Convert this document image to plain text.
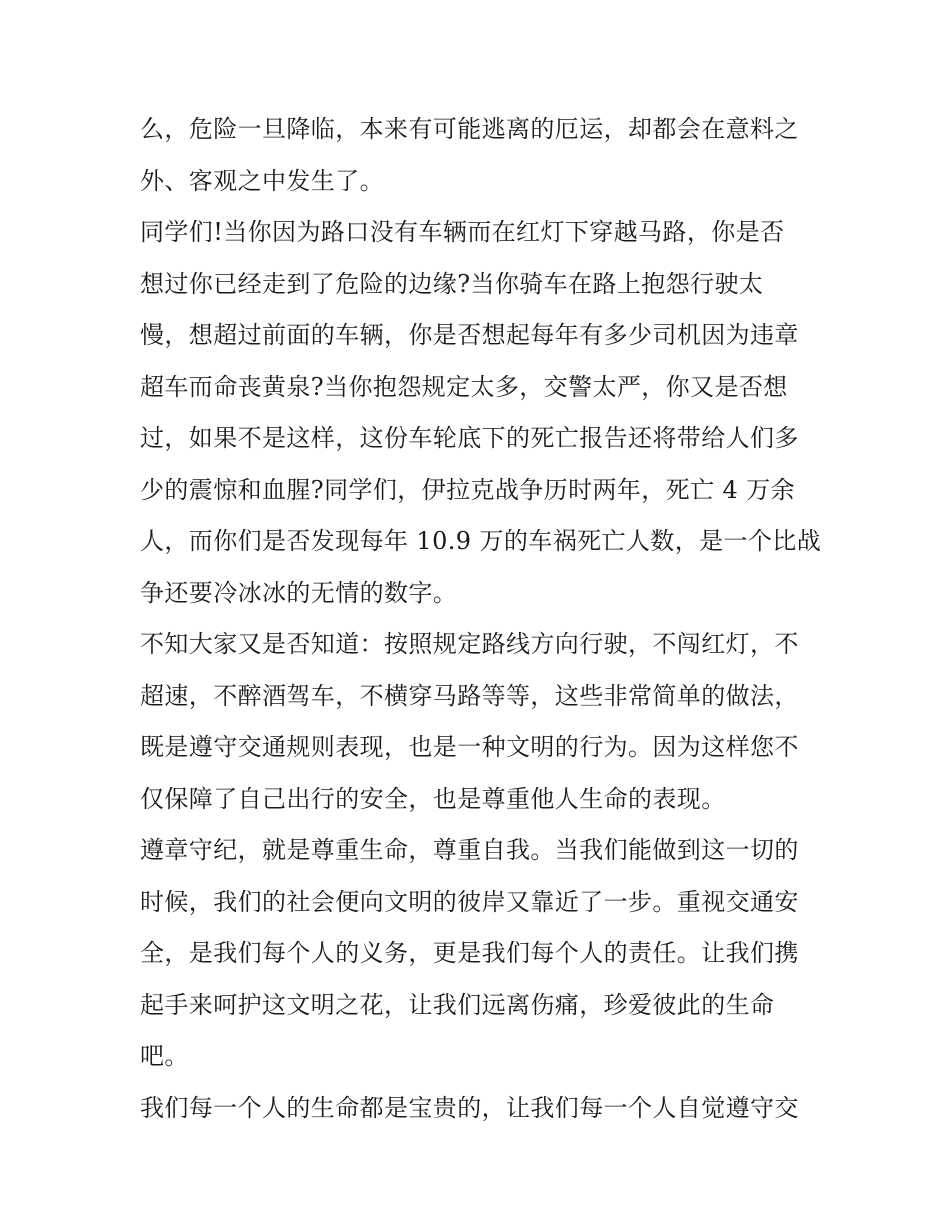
么，危险一旦降临，本来有可能逃离的厄运，却都会在意料之
外、客观之中发生了。

同学们!当你因为路口没有车辆而在红灯下穿越马路，你是否
想过你已经走到了危险的边缘?当你骑车在路上抱怨行驶太
慢，想超过前面的车辆，你是否想起每年有多少司机因为违章
超车而命丧黄泉?当你抱怨规定太多，交警太严，你又是否想
过，如果不是这样，这份车轮底下的死亡报告还将带给人们多
少的震惊和血腥?同学们，伊拉克战争历时两年，死亡 4 万余
人，而你们是否发现每年 10.9 万的车祸死亡人数，是一个比战
争还要冷冰冰的无情的数字。

不知大家又是否知道：按照规定路线方向行驶，不闯红灯，不
超速，不醉酒驾车，不横穿马路等等，这些非常简单的做法，
既是遵守交通规则表现，也是一种文明的行为。因为这样您不
仅保障了自己出行的安全，也是尊重他人生命的表现。

遵章守纪，就是尊重生命，尊重自我。当我们能做到这一切的
时候，我们的社会便向文明的彼岸又靠近了一步。重视交通安
全，是我们每个人的义务，更是我们每个人的责任。让我们携
起手来呵护这文明之花，让我们远离伤痛，珍爱彼此的生命
吧。

我们每一个人的生命都是宝贵的，让我们每一个人自觉遵守交
